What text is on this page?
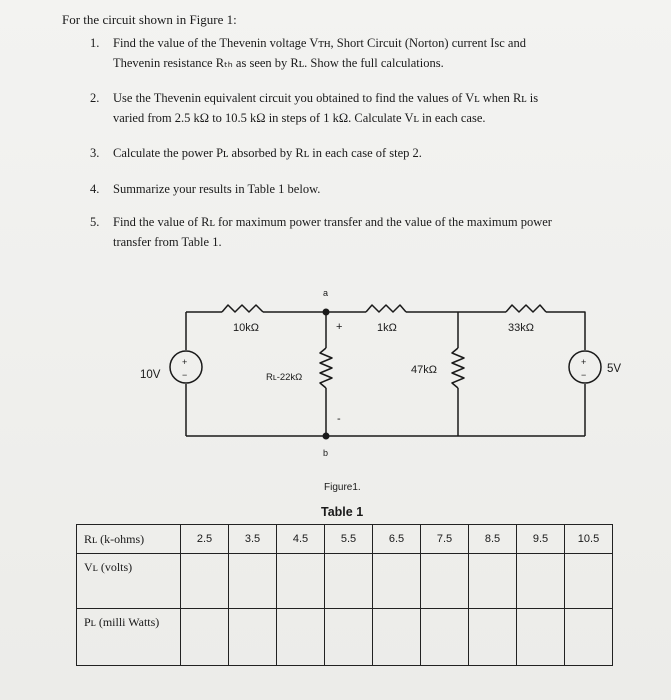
For the circuit shown in Figure 1:
1. Find the value of the Thevenin voltage Vᴛʜ, Short Circuit (Norton) current Isc and
Thevenin resistance Rₜₕ as seen by Rʟ. Show the full calculations.
2. Use the Thevenin equivalent circuit you obtained to find the values of Vʟ when Rʟ is
varied from 2.5 kΩ to 10.5 kΩ in steps of 1 kΩ. Calculate Vʟ in each case.
3. Calculate the power Pʟ absorbed by Rʟ in each case of step 2.
4. Summarize your results in Table 1 below.
5. Find the value of Rʟ for maximum power transfer and the value of the maximum power
transfer from Table 1.
10kΩ	1kΩ	33kΩ
Rʟ-22kΩ
47kΩ
10V	5V
a
b
+
-
+
−
+
−
Figure1.
Table 1
Rʟ (k-ohms)	2.5	3.5	4.5	5.5	6.5	7.5	8.5	9.5	10.5
Vʟ (volts)									
Pʟ (milli Watts)									
